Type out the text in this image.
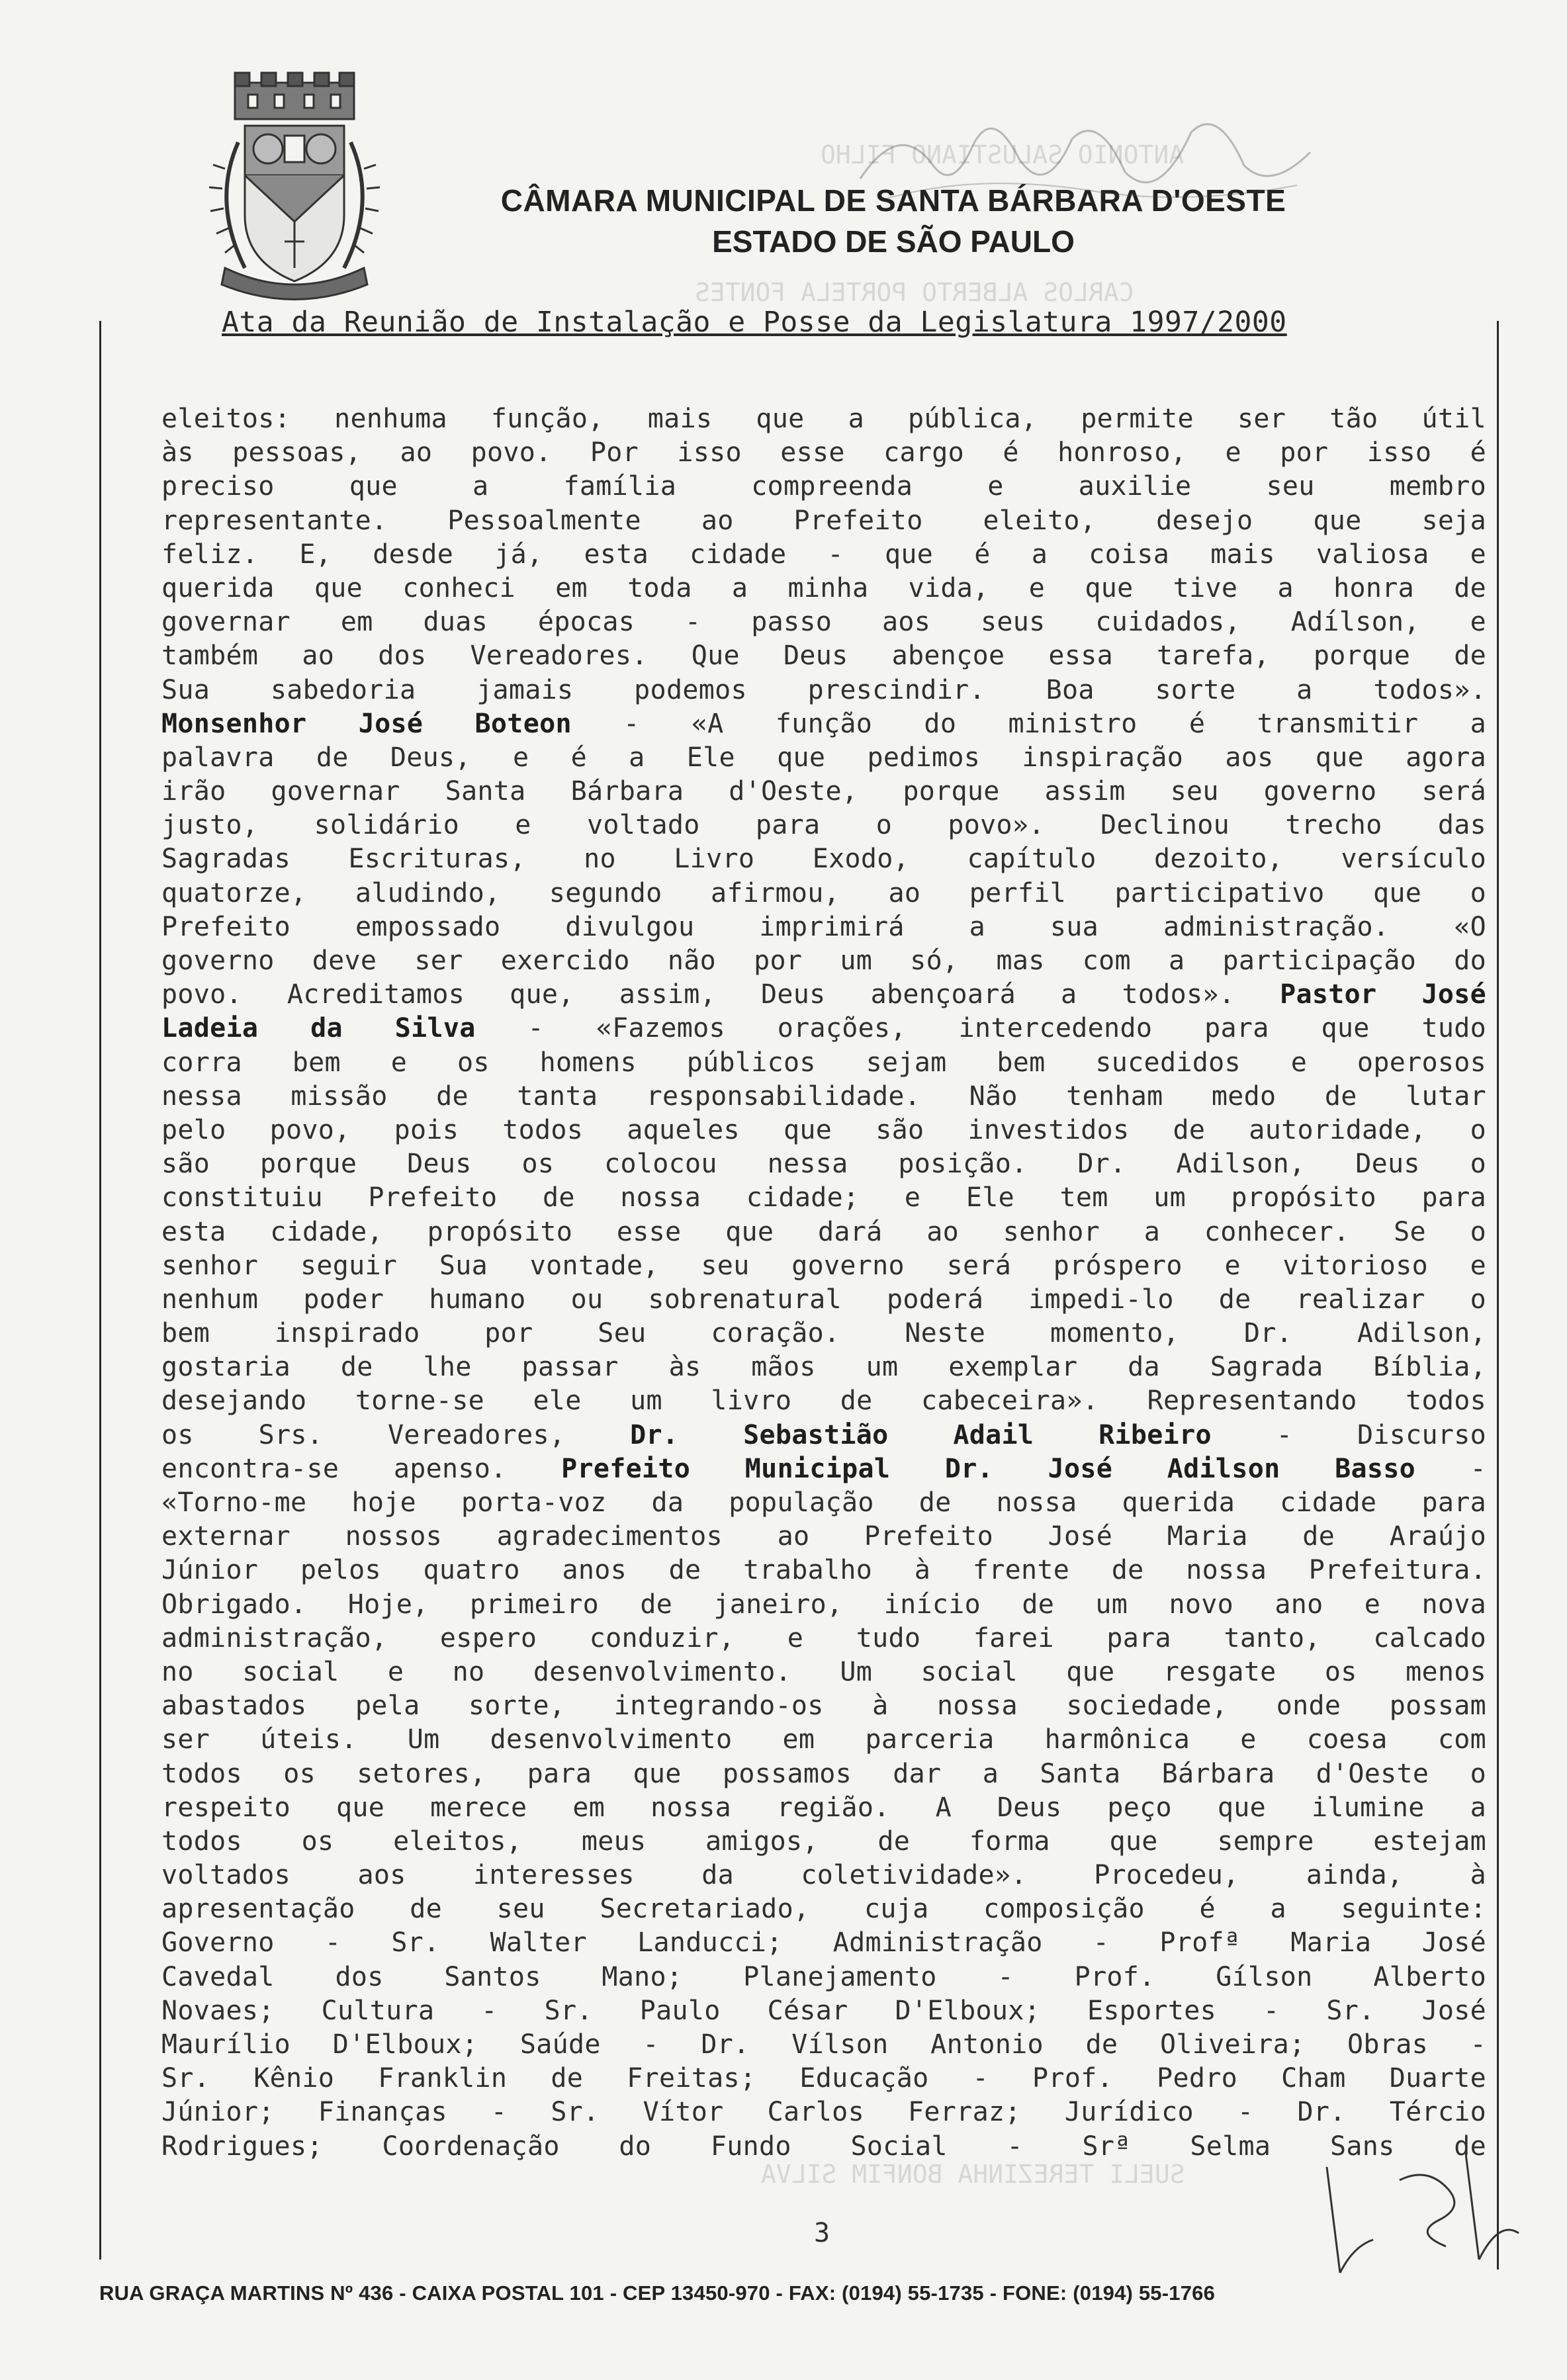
ANTONIO SALUSTIANO FILHO
CARLOS ALBERTO PORTELA FONTES
SUELI TEREZINHA BONFIM SILVA
CÂMARA MUNICIPAL DE SANTA BÁRBARA D'OESTE
ESTADO DE SÃO PAULO
Ata da Reunião de Instalação e Posse da Legislatura 1997/2000
eleitos: nenhuma função, mais que a pública, permite ser tão útil
às pessoas, ao povo. Por isso esse cargo é honroso, e por isso é
preciso que a família compreenda e auxilie seu membro
representante. Pessoalmente ao Prefeito eleito, desejo que seja
feliz. E, desde já, esta cidade - que é a coisa mais valiosa e
querida que conheci em toda a minha vida, e que tive a honra de
governar em duas épocas - passo aos seus cuidados, Adílson, e
também ao dos Vereadores. Que Deus abençoe essa tarefa, porque de
Sua sabedoria jamais podemos prescindir. Boa sorte a todos».
Monsenhor José Boteon - «A função do ministro é transmitir a
palavra de Deus, e é a Ele que pedimos inspiração aos que agora
irão governar Santa Bárbara d'Oeste, porque assim seu governo será
justo, solidário e voltado para o povo». Declinou trecho das
Sagradas Escrituras, no Livro Exodo, capítulo dezoito, versículo
quatorze, aludindo, segundo afirmou, ao perfil participativo que o
Prefeito empossado divulgou imprimirá a sua administração. «O
governo deve ser exercido não por um só, mas com a participação do
povo. Acreditamos que, assim, Deus abençoará a todos». Pastor José
Ladeia da Silva - «Fazemos orações, intercedendo para que tudo
corra bem e os homens públicos sejam bem sucedidos e operosos
nessa missão de tanta responsabilidade. Não tenham medo de lutar
pelo povo, pois todos aqueles que são investidos de autoridade, o
são porque Deus os colocou nessa posição. Dr. Adilson, Deus o
constituiu Prefeito de nossa cidade; e Ele tem um propósito para
esta cidade, propósito esse que dará ao senhor a conhecer. Se o
senhor seguir Sua vontade, seu governo será próspero e vitorioso e
nenhum poder humano ou sobrenatural poderá impedi-lo de realizar o
bem inspirado por Seu coração. Neste momento, Dr. Adilson,
gostaria de lhe passar às mãos um exemplar da Sagrada Bíblia,
desejando torne-se ele um livro de cabeceira». Representando todos
os Srs. Vereadores, Dr. Sebastião Adail Ribeiro - Discurso
encontra-se apenso. Prefeito Municipal Dr. José Adilson Basso -
«Torno-me hoje porta-voz da população de nossa querida cidade para
externar nossos agradecimentos ao Prefeito José Maria de Araújo
Júnior pelos quatro anos de trabalho à frente de nossa Prefeitura.
Obrigado. Hoje, primeiro de janeiro, início de um novo ano e nova
administração, espero conduzir, e tudo farei para tanto, calcado
no social e no desenvolvimento. Um social que resgate os menos
abastados pela sorte, integrando-os à nossa sociedade, onde possam
ser úteis. Um desenvolvimento em parceria harmônica e coesa com
todos os setores, para que possamos dar a Santa Bárbara d'Oeste o
respeito que merece em nossa região. A Deus peço que ilumine a
todos os eleitos, meus amigos, de forma que sempre estejam
voltados aos interesses da coletividade». Procedeu, ainda, à
apresentação de seu Secretariado, cuja composição é a seguinte:
Governo - Sr. Walter Landucci; Administração - Profª Maria José
Cavedal dos Santos Mano; Planejamento - Prof. Gílson Alberto
Novaes; Cultura - Sr. Paulo César D'Elboux; Esportes - Sr. José
Maurílio D'Elboux; Saúde - Dr. Vílson Antonio de Oliveira; Obras -
Sr. Kênio Franklin de Freitas; Educação - Prof. Pedro Cham Duarte
Júnior; Finanças - Sr. Vítor Carlos Ferraz; Jurídico - Dr. Tércio
Rodrigues; Coordenação do Fundo Social - Srª Selma Sans de
3
RUA GRAÇA MARTINS Nº 436 - CAIXA POSTAL 101 - CEP 13450-970 - FAX: (0194) 55-1735 - FONE: (0194) 55-1766
